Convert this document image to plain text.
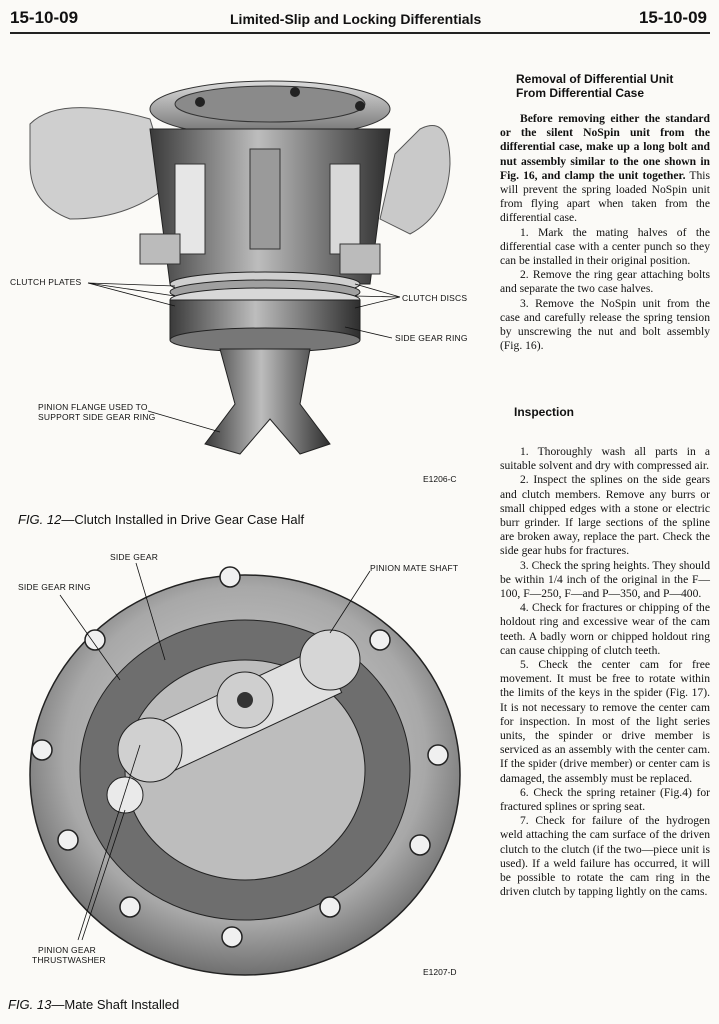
15-10-09	Limited-Slip and Locking Differentials	15-10-09
CLUTCH PLATES
CLUTCH DISCS
SIDE GEAR RING
PINION FLANGE USED TO
SUPPORT SIDE GEAR RING
E1206-C
FIG. 12—Clutch Installed in Drive Gear Case Half
SIDE GEAR
PINION MATE SHAFT
SIDE GEAR RING
PINION GEAR
THRUSTWASHER
E1207-D
FIG. 13—Mate Shaft Installed
Removal of Differential Unit
From Differential Case

Before removing either the standard or the silent NoSpin unit from the differential case, make up a long bolt and nut assembly similar to the one shown in Fig. 16, and clamp the unit together. This will prevent the spring loaded NoSpin unit from flying apart when taken from the differential case.

1. Mark the mating halves of the differential case with a center punch so they can be installed in their original position.

2. Remove the ring gear attaching bolts and separate the two case halves.

3. Remove the NoSpin unit from the case and carefully release the spring tension by unscrewing the nut and bolt assembly (Fig. 16).

Inspection

1. Thoroughly wash all parts in a suitable solvent and dry with compressed air.

2. Inspect the splines on the side gears and clutch members. Remove any burrs or small chipped edges with a stone or electric burr grinder. If large sections of the spline are broken away, replace the part. Check the side gear hubs for fractures.

3. Check the spring heights. They should be within 1/4 inch of the original in the F—100, F—250, F—and P—350, and P—400.

4. Check for fractures or chipping of the holdout ring and excessive wear of the cam teeth. A badly worn or chipped holdout ring can cause chipping of clutch teeth.

5. Check the center cam for free movement. It must be free to rotate within the limits of the keys in the spider (Fig. 17). It is not necessary to remove the center cam for inspection. In most of the light series units, the spinder or drive member is serviced as an assembly with the center cam. If the spider (drive member) or center cam is damaged, the assembly must be replaced.

6. Check the spring retainer (Fig.4) for fractured splines or spring seat.

7. Check for failure of the hydrogen weld attaching the cam surface of the driven clutch to the clutch (if the two—piece unit is used). If a weld failure has occurred, it will be possible to rotate the cam ring in the driven clutch by tapping lightly on the cams.
